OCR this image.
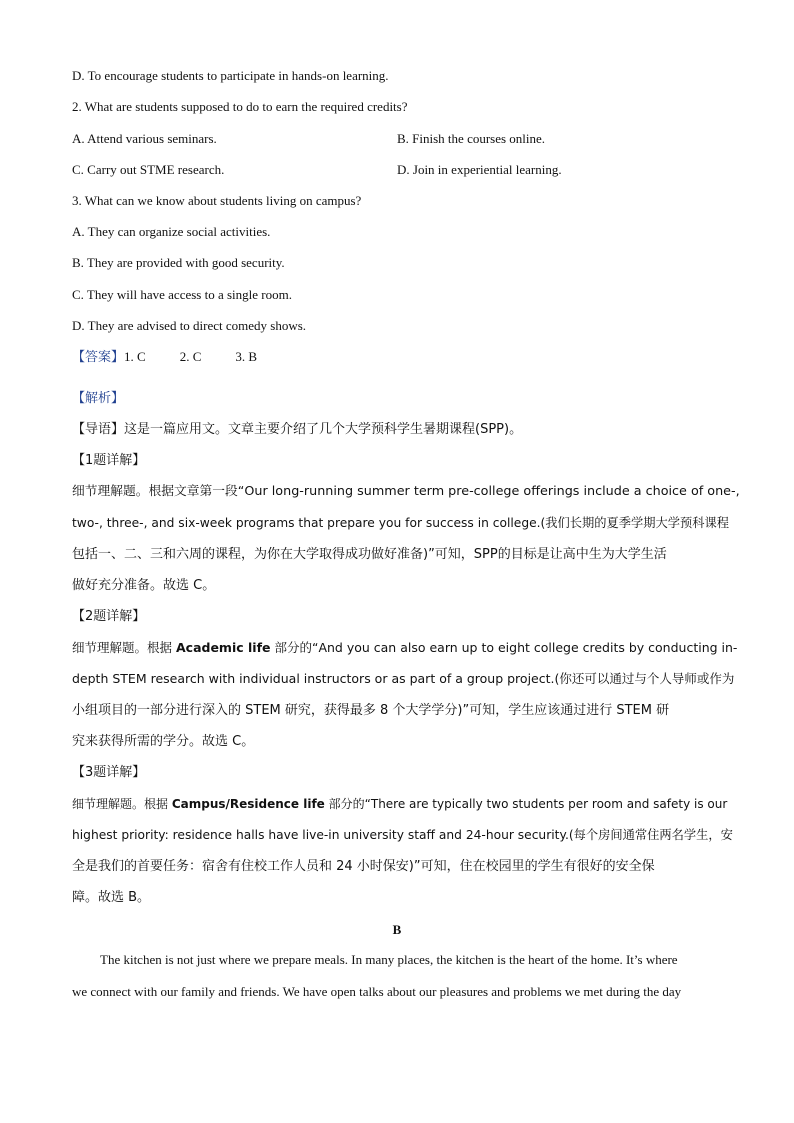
D. To encourage students to participate in hands-on learning.
2. What are students supposed to do to earn the required credits?
A. Attend various seminars.	B. Finish the courses online.
C. Carry out STME research.	D. Join in experiential learning.
3. What can we know about students living on campus?
A. They can organize social activities.
B. They are provided with good security.
C. They will have access to a single room.
D. They are advised to direct comedy shows.
【答案】1. C	2. C	3. B
【解析】
【导语】这是一篇应用文。文章主要介绍了几个大学预科学生暑期课程(SPP)。
【1题详解】
细节理解题。根据文章第一段“Our long-running summer term pre-college offerings include a choice of one-,
two-, three-, and six-week programs that prepare you for success in college.(我们长期的夏季学期大学预科课程
包括一、二、三和六周的课程，为你在大学取得成功做好准备)”可知，SPP的目标是让高中生为大学生活
做好充分准备。故选 C。
【2题详解】
细节理解题。根据 Academic life 部分的“And you can also earn up to eight college credits by conducting in-
depth STEM research with individual instructors or as part of a group project.(你还可以通过与个人导师或作为
小组项目的一部分进行深入的 STEM 研究，获得最多 8 个大学学分)”可知，学生应该通过进行 STEM 研
究来获得所需的学分。故选 C。
【3题详解】
细节理解题。根据 Campus/Residence life 部分的“There are typically two students per room and safety is our
highest priority: residence halls have live-in university staff and 24-hour security.(每个房间通常住两名学生，安
全是我们的首要任务：宿舍有住校工作人员和 24 小时保安)”可知，住在校园里的学生有很好的安全保
障。故选 B。
B
The kitchen is not just where we prepare meals. In many places, the kitchen is the heart of the home. It’s where
we connect with our family and friends. We have open talks about our pleasures and problems we met during the day
